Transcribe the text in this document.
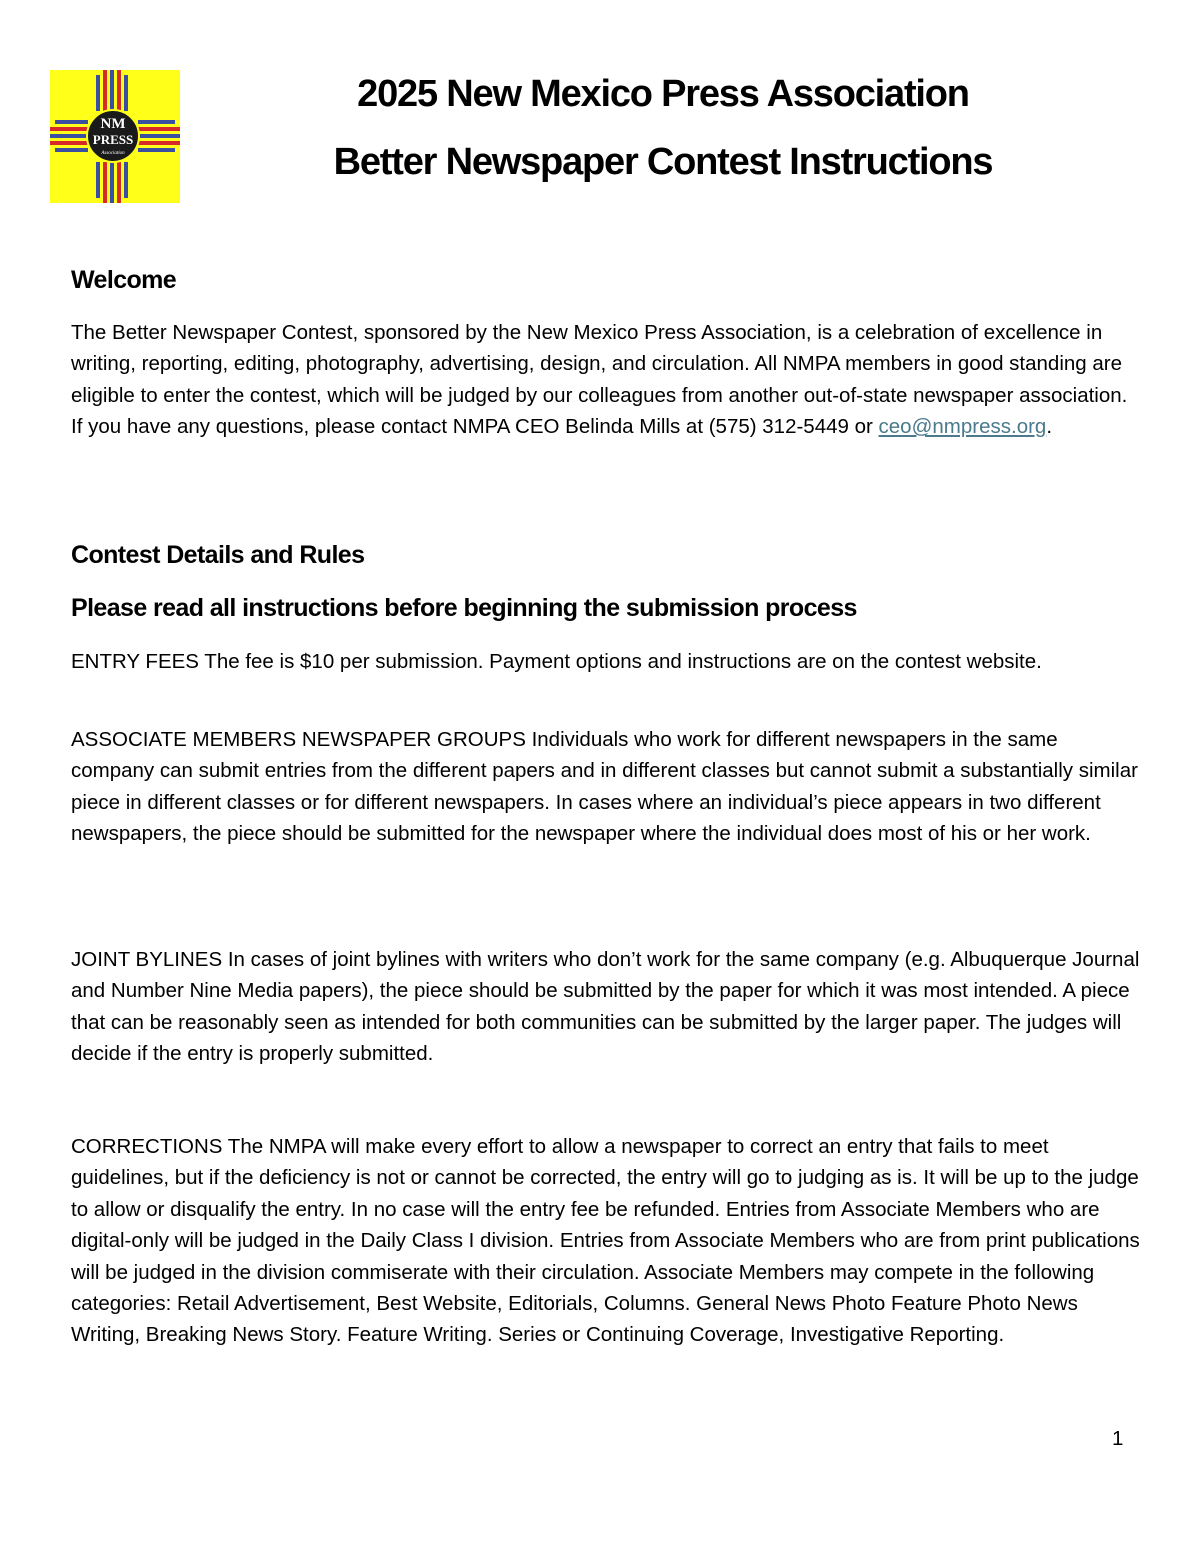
NM
PRESS
Association
2025 New Mexico Press Association
Better Newspaper Contest Instructions
Welcome
The Better Newspaper Contest, sponsored by the New Mexico Press Association, is a celebration of excellence in writing, reporting, editing, photography, advertising, design, and circulation. All NMPA members in good standing are eligible to enter the contest, which will be judged by our colleagues from another out-of-state newspaper association. If you have any questions, please contact NMPA CEO Belinda Mills at (575) 312-5449 or ceo@nmpress.org.
Contest Details and Rules
Please read all instructions before beginning the submission process
ENTRY FEES The fee is $10 per submission. Payment options and instructions are on the contest website.
ASSOCIATE MEMBERS NEWSPAPER GROUPS Individuals who work for different newspapers in the same company can submit entries from the different papers and in different classes but cannot submit a substantially similar piece in different classes or for different newspapers. In cases where an individual’s piece appears in two different newspapers, the piece should be submitted for the newspaper where the individual does most of his or her work.
JOINT BYLINES In cases of joint bylines with writers who don’t work for the same company (e.g. Albuquerque Journal and Number Nine Media papers), the piece should be submitted by the paper for which it was most intended. A piece that can be reasonably seen as intended for both communities can be submitted by the larger paper. The judges will decide if the entry is properly submitted.
CORRECTIONS The NMPA will make every effort to allow a newspaper to correct an entry that fails to meet guidelines, but if the deficiency is not or cannot be corrected, the entry will go to judging as is. It will be up to the judge to allow or disqualify the entry. In no case will the entry fee be refunded. Entries from Associate Members who are digital-only will be judged in the Daily Class I division. Entries from Associate Members who are from print publications will be judged in the division commiserate with their circulation. Associate Members may compete in the following categories: Retail Advertisement, Best Website, Editorials, Columns. General News Photo Feature Photo News Writing, Breaking News Story. Feature Writing. Series or Continuing Coverage, Investigative Reporting.
1
